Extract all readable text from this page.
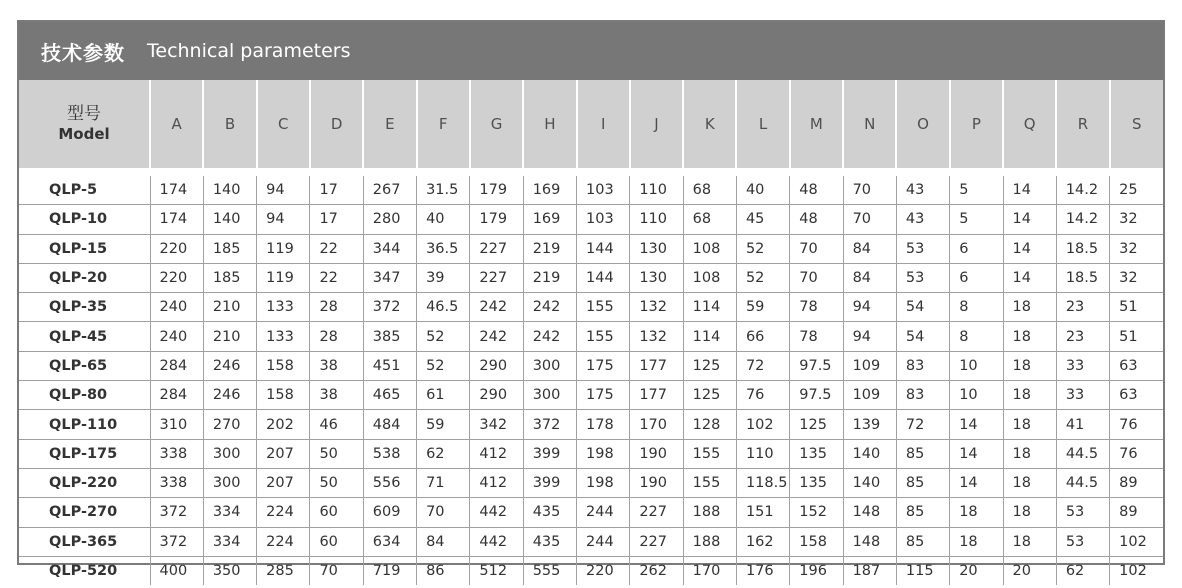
技术参数 Technical parameters
型号
Model	A	B	C	D	E	F	G	H	I	J	K	L	M	N	O	P	Q	R	S
QLP-5	174	140	94	17	267	31.5	179	169	103	110	68	40	48	70	43	5	14	14.2	25
QLP-10	174	140	94	17	280	40	179	169	103	110	68	45	48	70	43	5	14	14.2	32
QLP-15	220	185	119	22	344	36.5	227	219	144	130	108	52	70	84	53	6	14	18.5	32
QLP-20	220	185	119	22	347	39	227	219	144	130	108	52	70	84	53	6	14	18.5	32
QLP-35	240	210	133	28	372	46.5	242	242	155	132	114	59	78	94	54	8	18	23	51
QLP-45	240	210	133	28	385	52	242	242	155	132	114	66	78	94	54	8	18	23	51
QLP-65	284	246	158	38	451	52	290	300	175	177	125	72	97.5	109	83	10	18	33	63
QLP-80	284	246	158	38	465	61	290	300	175	177	125	76	97.5	109	83	10	18	33	63
QLP-110	310	270	202	46	484	59	342	372	178	170	128	102	125	139	72	14	18	41	76
QLP-175	338	300	207	50	538	62	412	399	198	190	155	110	135	140	85	14	18	44.5	76
QLP-220	338	300	207	50	556	71	412	399	198	190	155	118.5	135	140	85	14	18	44.5	89
QLP-270	372	334	224	60	609	70	442	435	244	227	188	151	152	148	85	18	18	53	89
QLP-365	372	334	224	60	634	84	442	435	244	227	188	162	158	148	85	18	18	53	102
QLP-520	400	350	285	70	719	86	512	555	220	262	170	176	196	187	115	20	20	62	102
